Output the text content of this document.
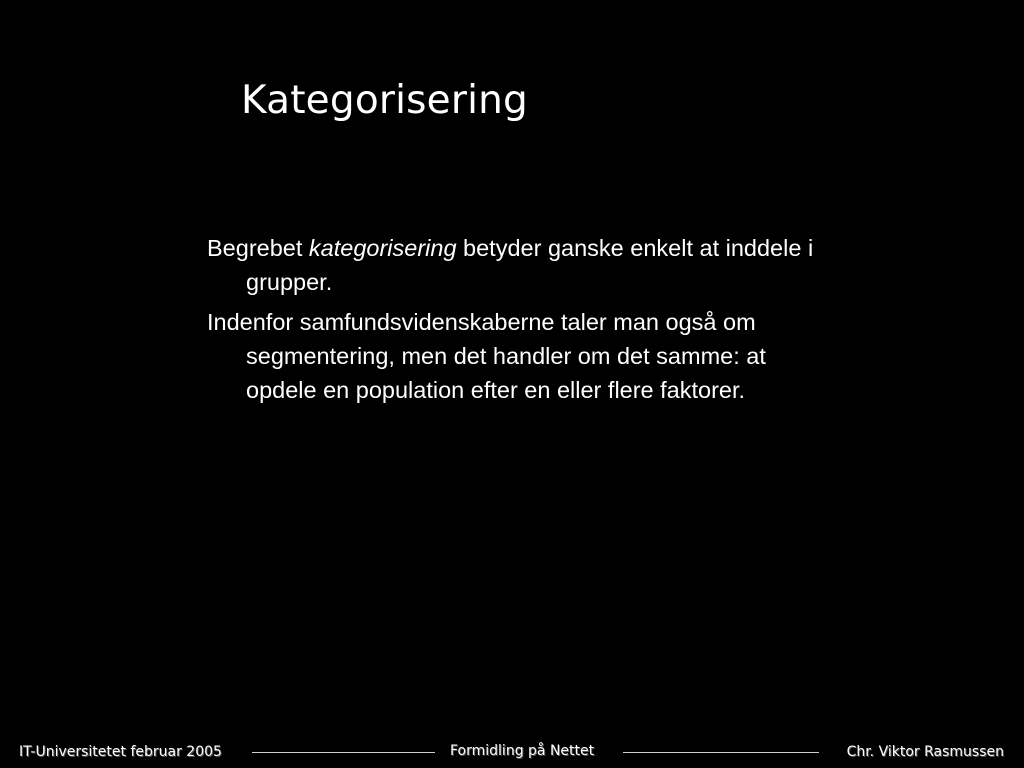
Kategorisering

Begrebet kategorisering betyder ganske enkelt at inddele i grupper.

Indenfor samfundsvidenskaberne taler man også om segmentering, men det handler om det samme: at opdele en population efter en eller flere faktorer.

IT-Universitetet februar 2005	Formidling på Nettet	Chr. Viktor Rasmussen
